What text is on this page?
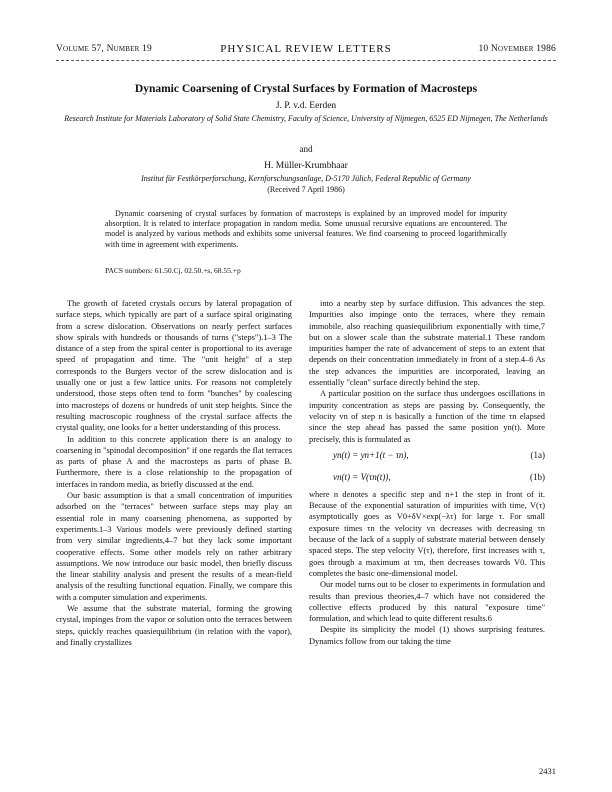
Volume 57, Number 19	PHYSICAL REVIEW LETTERS	10 November 1986
Dynamic Coarsening of Crystal Surfaces by Formation of Macrosteps
J. P. v.d. Eerden
Research Institute for Materials Laboratory of Solid State Chemistry, Faculty of Science, University of Nijmegen, 6525 ED Nijmegen, The Netherlands
and
H. Müller-Krumbhaar
Institut für Festkörperforschung, Kernforschungsanlage, D-5170 Jülich, Federal Republic of Germany
(Received 7 April 1986)
Dynamic coarsening of crystal surfaces by formation of macrosteps is explained by an improved model for impurity absorption. It is related to interface propagation in random media. Some unusual recursive equations are encountered. The model is analyzed by various methods and exhibits some universal features. We find coarsening to proceed logarithmically with time in agreement with experiments.
PACS numbers: 61.50.Cj, 02.50.+s, 68.55.+p

The growth of faceted crystals occurs by lateral propagation of surface steps, which typically are part of a surface spiral originating from a screw dislocation. Observations on nearly perfect surfaces show spirals with hundreds or thousands of turns ("steps").1–3 The distance of a step from the spiral center is proportional to its average speed of propagation and time. The "unit height" of a step corresponds to the Burgers vector of the screw dislocation and is usually one or just a few lattice units. For reasons not completely understood, those steps often tend to form "bunches" by coalescing into macrosteps of dozens or hundreds of unit step heights. Since the resulting macroscopic roughness of the crystal surface affects the crystal quality, one looks for a better understanding of this process.

In addition to this concrete application there is an analogy to coarsening in "spinodal decomposition" if one regards the flat terraces as parts of phase A and the macrosteps as parts of phase B. Furthermore, there is a close relationship to the propagation of interfaces in random media, as briefly discussed at the end.

Our basic assumption is that a small concentration of impurities adsorbed on the "terraces" between surface steps may play an essential role in many coarsening phenomena, as supported by experiments.1–3 Various models were previously defined starting from very similar ingredients,4–7 but they lack some important cooperative effects. Some other models rely on rather arbitrary assumptions. We now introduce our basic model, then briefly discuss the linear stability analysis and present the results of a mean-field analysis of the resulting functional equation. Finally, we compare this with a computer simulation and experiments.

We assume that the substrate material, forming the growing crystal, impinges from the vapor or solution onto the terraces between steps, quickly reaches quasiequilibrium (in relation with the vapor), and finally crystallizes

into a nearby step by surface diffusion. This advances the step. Impurities also impinge onto the terraces, where they remain immobile, also reaching quasiequilibrium exponentially with time,7 but on a slower scale than the substrate material.1 These random impurities hamper the rate of advancement of steps to an extent that depends on their concentration immediately in front of a step.4–6 As the step advances the impurities are incorporated, leaving an essentially "clean" surface directly behind the step.

A particular position on the surface thus undergoes oscillations in impurity concentration as steps are passing by. Consequently, the velocity vn of step n is basically a function of the time τn elapsed since the step ahead has passed the same position yn(t). More precisely, this is formulated as

yn(t) = yn+1(t − τn),	(1a)
vn(t) = V(τn(t)),	(1b)

where n denotes a specific step and n+1 the step in front of it. Because of the exponential saturation of impurities with time, V(τ) asymptotically goes as V0+δV×exp(−λτ) for large τ. For small exposure times τn the velocity vn decreases with decreasing τn because of the lack of a supply of substrate material between densely spaced steps. The step velocity V(τ), therefore, first increases with τ, goes through a maximum at τm, then decreases towards V0. This completes the basic one-dimensional model.

Our model turns out to be closer to experiments in formulation and results than previous theories,4–7 which have not considered the collective effects produced by this natural "exposure time" formulation, and which lead to quite different results.6

Despite its simplicity the model (1) shows surprising features. Dynamics follow from our taking the time

2431
